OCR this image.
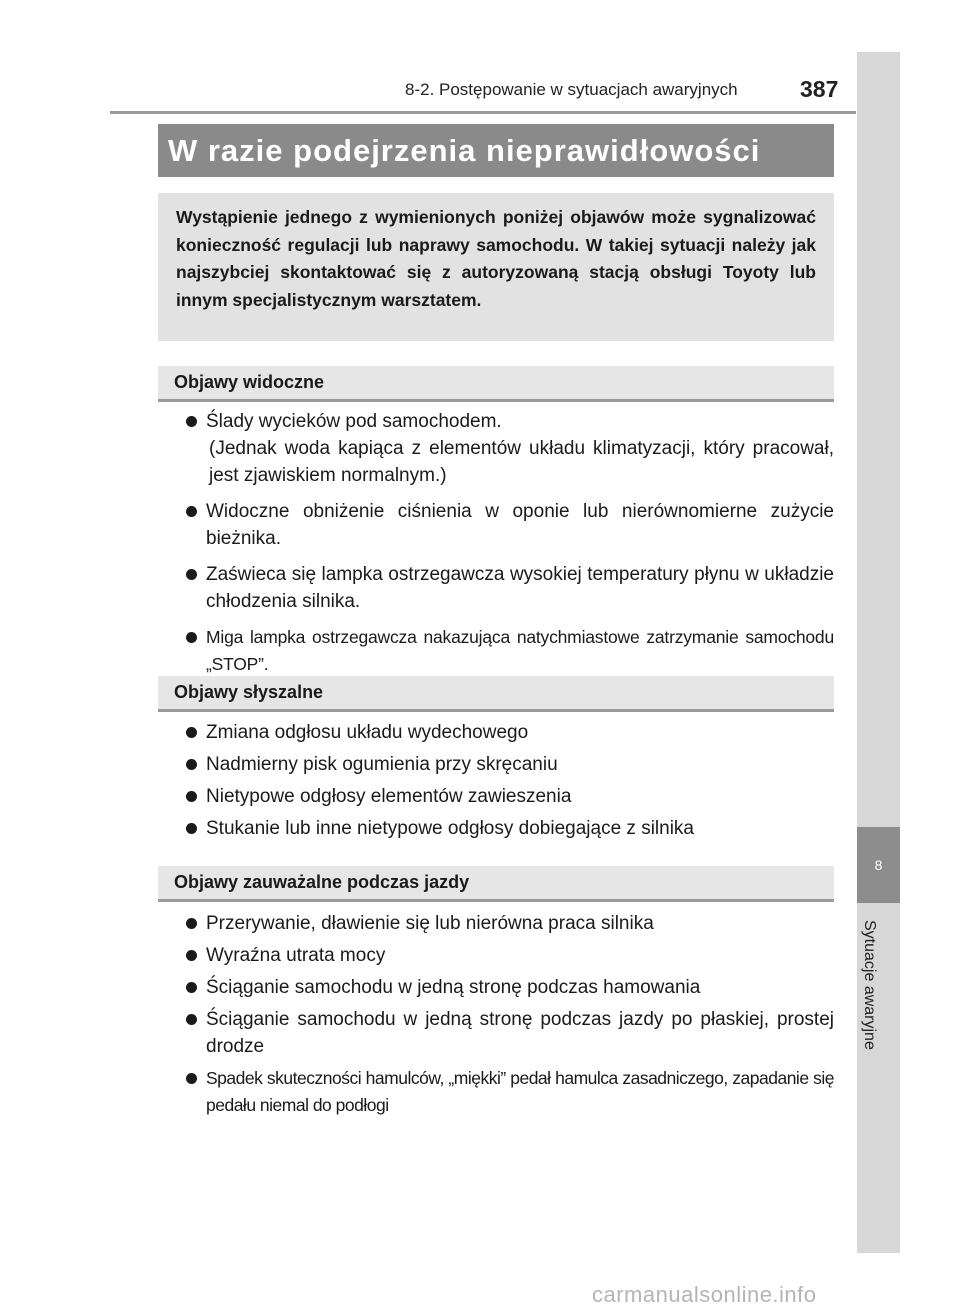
8-2. Postępowanie w sytuacjach awaryjnych	387
8
Sytuacje awaryjne
W razie podejrzenia nieprawidłowości

Wystąpienie jednego z wymienionych poniżej objawów może sygnalizować konieczność regulacji lub naprawy samochodu. W takiej sytuacji należy jak najszybciej skontaktować się z autoryzowaną stacją obsługi Toyoty lub innym specjalistycznym warsztatem.

Objawy widoczne
Ślady wycieków pod samochodem.
(Jednak woda kapiąca z elementów układu klimatyzacji, który pracował, jest zjawiskiem normalnym.)
Widoczne obniżenie ciśnienia w oponie lub nierównomierne zużycie bieżnika.
Zaświeca się lampka ostrzegawcza wysokiej temperatury płynu w układzie chłodzenia silnika.
Miga lampka ostrzegawcza nakazująca natychmiastowe zatrzymanie samochodu „STOP”.
Objawy słyszalne
Zmiana odgłosu układu wydechowego
Nadmierny pisk ogumienia przy skręcaniu
Nietypowe odgłosy elementów zawieszenia
Stukanie lub inne nietypowe odgłosy dobiegające z silnika
Objawy zauważalne podczas jazdy
Przerywanie, dławienie się lub nierówna praca silnika
Wyraźna utrata mocy
Ściąganie samochodu w jedną stronę podczas hamowania
Ściąganie samochodu w jedną stronę podczas jazdy po płaskiej, prostej drodze
Spadek skuteczności hamulców, „miękki” pedał hamulca zasadniczego, zapadanie się pedału niemal do podłogi
carmanualsonline.info
